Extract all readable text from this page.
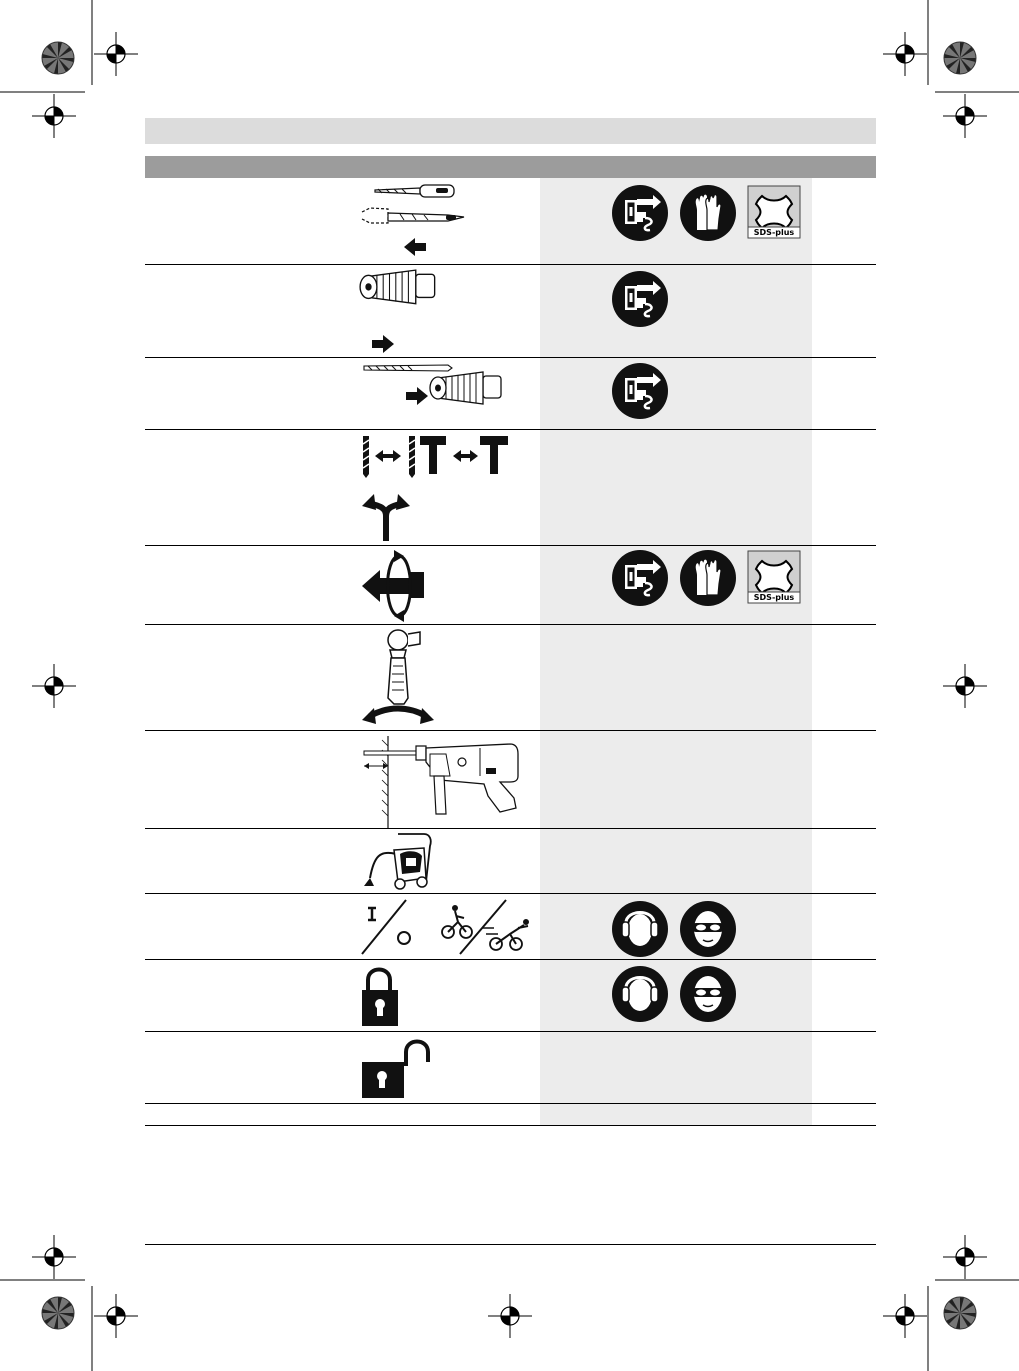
SDS-plus
SDS-plus
